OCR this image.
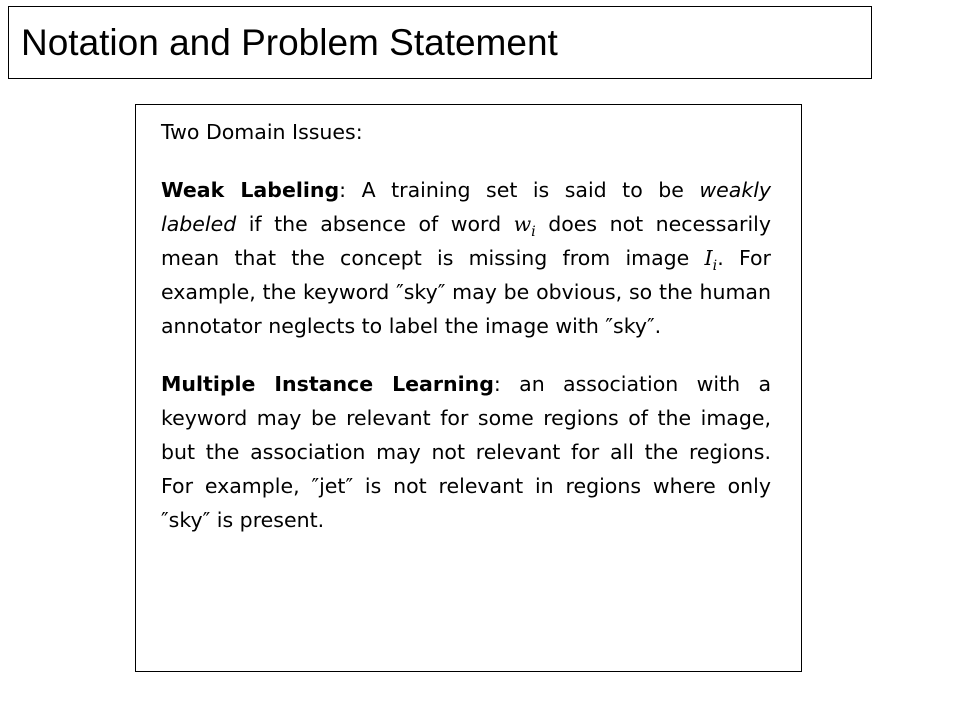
Notation and Problem Statement

Two Domain Issues:

Weak Labeling: A training set is said to be weakly labeled if the absence of word $w_i$ does not necessarily mean that the concept is missing from image $I_i$. For example, the keyword ″sky″ may be obvious, so the human annotator neglects to label the image with ″sky″.

Multiple Instance Learning: an association with a keyword may be relevant for some regions of the image, but the association may not relevant for all the regions. For example, ″jet″ is not relevant in regions where only ″sky″ is present.
